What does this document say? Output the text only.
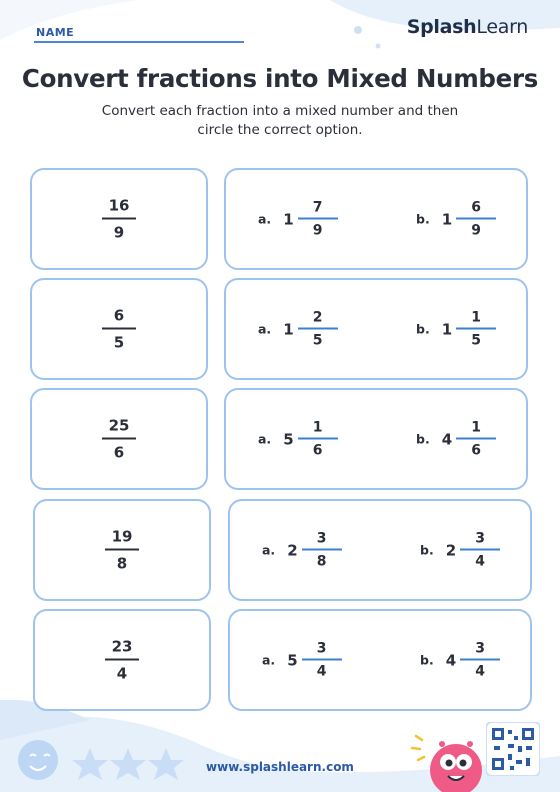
NAME	SplashLearn
Convert fractions into Mixed Numbers
Convert each fraction into a mixed number and then circle the correct option.
16
9
a. $1 \frac{7}{9}$	b. $1 \frac{6}{9}$
6
5
a. $1 \frac{2}{5}$	b. $1 \frac{1}{5}$
25
6
a. $5 \frac{1}{6}$	b. $4 \frac{1}{6}$
19
8
a. $2 \frac{3}{8}$	b. $2 \frac{3}{4}$
23
4
a. $5 \frac{3}{4}$	b. $4 \frac{3}{4}$
www.splashlearn.com
